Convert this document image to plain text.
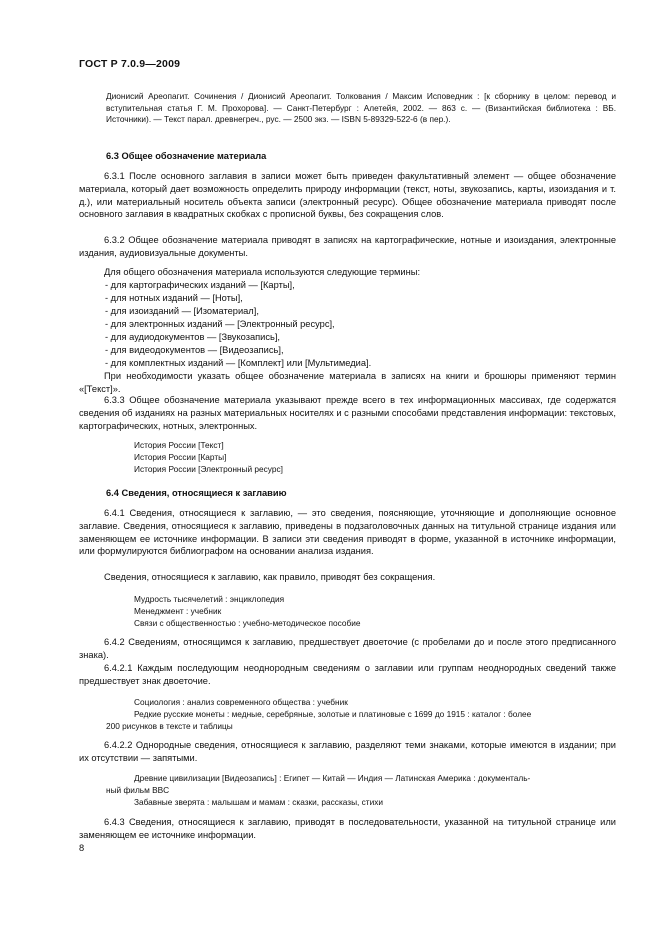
ГОСТ Р 7.0.9—2009
Дионисий Ареопагит. Сочинения / Дионисий Ареопагит. Толкования / Максим Исповедник : [к сборнику в целом: перевод и вступительная статья Г. М. Прохорова]. — Санкт-Петербург : Алетейя, 2002. — 863 с. — (Византийская библиотека : ВБ. Источники). — Текст парал. древнегреч., рус. — 2500 экз. — ISBN 5-89329-522-6 (в пер.).
6.3 Общее обозначение материала
6.3.1 После основного заглавия в записи может быть приведен факультативный элемент — общее обозначение материала, который дает возможность определить природу информации (текст, ноты, звукозапись, карты, изоиздания и т. д.), или материальный носитель объекта записи (электронный ресурс). Общее обозначение материала приводят после основного заглавия в квадратных скобках с прописной буквы, без сокращения слов.
6.3.2 Общее обозначение материала приводят в записях на картографические, нотные и изоиздания, электронные издания, аудиовизуальные документы.
Для общего обозначения материала используются следующие термины:
- для картографических изданий — [Карты],
- для нотных изданий — [Ноты],
- для изоизданий — [Изоматериал],
- для электронных изданий — [Электронный ресурс],
- для аудиодокументов — [Звукозапись],
- для видеодокументов — [Видеозапись],
- для комплектных изданий — [Комплект] или [Мультимедиа].
При необходимости указать общее обозначение материала в записях на книги и брошюры применяют термин «[Текст]».
6.3.3 Общее обозначение материала указывают прежде всего в тех информационных массивах, где содержатся сведения об изданиях на разных материальных носителях и с разными способами представления информации: текстовых, картографических, нотных, электронных.
История России [Текст]
История России [Карты]
История России [Электронный ресурс]
6.4 Сведения, относящиеся к заглавию
6.4.1 Сведения, относящиеся к заглавию, — это сведения, поясняющие, уточняющие и дополняющие основное заглавие. Сведения, относящиеся к заглавию, приведены в подзаголовочных данных на титульной странице издания или заменяющем ее источнике информации. В записи эти сведения приводят в форме, указанной в источнике информации, или формулируются библиографом на основании анализа издания.
Сведения, относящиеся к заглавию, как правило, приводят без сокращения.
Мудрость тысячелетий : энциклопедия
Менеджмент : учебник
Связи с общественностью : учебно-методическое пособие
6.4.2 Сведениям, относящимся к заглавию, предшествует двоеточие (с пробелами до и после этого предписанного знака).
6.4.2.1 Каждым последующим неоднородным сведениям о заглавии или группам неоднородных сведений также предшествует знак двоеточие.
Социология : анализ современного общества : учебник
Редкие русские монеты : медные, серебряные, золотые и платиновые с 1699 до 1915 : каталог : более
200 рисунков в тексте и таблицы
6.4.2.2 Однородные сведения, относящиеся к заглавию, разделяют теми знаками, которые имеются в издании; при их отсутствии — запятыми.
Древние цивилизации [Видеозапись] : Египет — Китай — Индия — Латинская Америка : документаль-
ный фильм BBC
Забавные зверята : малышам и мамам : сказки, рассказы, стихи
6.4.3 Сведения, относящиеся к заглавию, приводят в последовательности, указанной на титульной странице или заменяющем ее источнике информации.
8
